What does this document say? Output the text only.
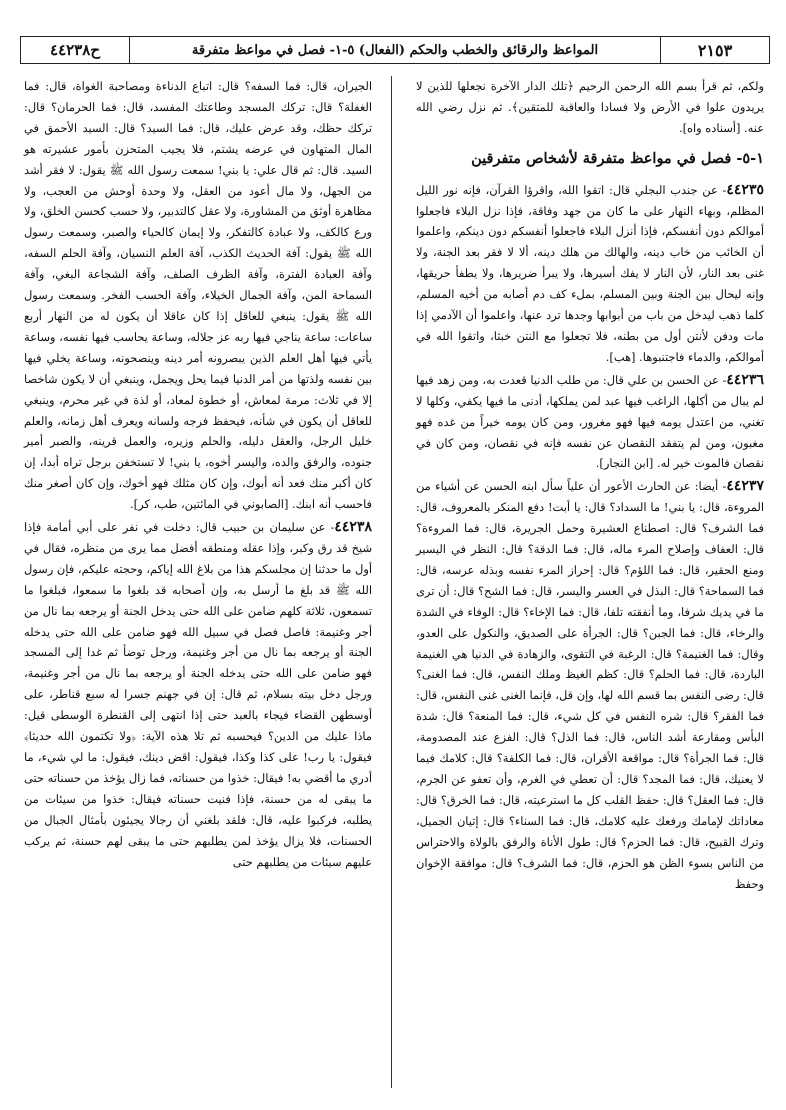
٢١٥٣
المواعظ والرقائق والخطب والحكم (الفعال) ٥-١- فصل في مواعظ متفرقة
ح٤٤٢٣٨

ولكم، ثم قرأ بسم الله الرحمن الرحيم ﴿تلك الدار الآخرة نجعلها للذين لا يريدون علوا في الأرض ولا فسادا والعاقبة للمتقين﴾. ثم نزل رضي الله عنه. [أسناده واه].

١-٥- فصل في مواعظ متفرقة لأشخاص متفرقين

٤٤٢٣٥- عن جندب البجلي قال: اتقوا الله، واقرؤا القرآن، فإنه نور الليل المظلم، وبهاء النهار على ما كان من جهد وفاقة، فإذا نزل البلاء فاجعلوا أموالكم دون أنفسكم، فإذا أنزل البلاء فاجعلوا أنفسكم دون دينكم، واعلموا أن الخائب من خاب دينه، والهالك من هلك دينه، ألا لا فقر بعد الجنة، ولا غنى بعد النار، لأن النار لا يفك أسيرها، ولا يبرأ ضريرها، ولا يطفأ حريقها، وإنه ليحال بين الجنة وبين المسلم، بملء كف دم أصابه من أخيه المسلم، كلما ذهب ليدخل من باب من أبوابها وجدها ترد عنها، واعلموا أن الآدمي إذا مات ودفن لأنتن أول من بطنه، فلا تجعلوا مع النتن خبثا، واتقوا الله في أموالكم، والدماء فاجتنبوها. [هب].

٤٤٢٣٦- عن الحسن بن علي قال: من طلب الدنيا قعدت به، ومن زهد فيها لم يبال من أكلها، الراغب فيها عبد لمن يملكها، أدنى ما فيها يكفي، وكلها لا تغني، من اعتدل يومه فيها فهو مغرور، ومن كان يومه خيراً من غده فهو مغبون، ومن لم يتفقد النقصان عن نفسه فإنه في نقصان، ومن كان في نقصان فالموت خير له. [ابن النجار].

٤٤٢٣٧- أيضا: عن الحارث الأعور أن علياً سأل ابنه الحسن عن أشياء من المروءة، قال: يا بني! ما السداد؟ قال: يا أبت! دفع المنكر بالمعروف، قال: فما الشرف؟ قال: اصطناع العشيرة وحمل الجريرة، قال: فما المروءة؟ قال: العفاف وإصلاح المرء ماله، قال: فما الدقة؟ قال: النظر في اليسير ومنع الحقير، قال: فما اللؤم؟ قال: إحراز المرء نفسه وبذله عرسه، قال: فما السماحة؟ قال: البذل في العسر واليسر، قال: فما الشح؟ قال: أن ترى ما في يديك شرفا، وما أنفقته تلفا، قال: فما الإخاء؟ قال: الوفاء في الشدة والرخاء، قال: فما الجبن؟ قال: الجرأة على الصديق، والنكول على العدو، وقال: فما الغنيمة؟ قال: الرغبة في التقوى، والزهادة في الدنيا هي الغنيمة الباردة، قال: فما الحلم؟ قال: كظم الغيظ وملك النفس، قال: فما الغنى؟ قال: رضى النفس بما قسم الله لها، وإن قل، فإنما الغنى غنى النفس، قال: فما الفقر؟ قال: شره النفس في كل شيء، قال: فما المنعة؟ قال: شدة البأس ومقارعة أشد الناس، قال: فما الذل؟ قال: الفزع عند المصدومة، قال: فما الجرأة؟ قال: مواقعة الأقران، قال: فما الكلفة؟ قال: كلامك فيما لا يعنيك، قال: فما المجد؟ قال: أن تعطي في الغرم، وأن تعفو عن الجرم، قال: فما العقل؟ قال: حفظ القلب كل ما استرعيته، قال: فما الخرق؟ قال: معاداتك لإمامك ورفعك عليه كلامك، قال: فما السناء؟ قال: إتيان الجميل، وترك القبيح، قال: فما الحزم؟ قال: طول الأناة والرفق بالولاة والاحتراس من الناس بسوء الظن هو الحزم، قال: فما الشرف؟ قال: موافقة الإخوان وحفظ

الجيران، قال: فما السفه؟ قال: اتباع الدناءة ومصاحبة الغواة، قال: فما الغفلة؟ قال: تركك المسجد وطاعتك المفسد، قال: فما الحرمان؟ قال: تركك حظك، وقد عرض عليك، قال: فما السيد؟ قال: السيد الأحمق في المال المتهاون في عرضه يشتم، فلا يجيب المتحزن بأمور عشيرته هو السيد. قال: ثم قال علي: يا بني! سمعت رسول الله ﷺ يقول: لا فقر أشد من الجهل، ولا مال أعود من العقل، ولا وحدة أوحش من العجب، ولا مظاهرة أوثق من المشاورة، ولا عقل كالتدبير، ولا حسب كحسن الخلق، ولا ورع كالكف، ولا عبادة كالتفكر، ولا إيمان كالحياء والصبر، وسمعت رسول الله ﷺ يقول: آفة الحديث الكذب، آفة العلم النسيان، وآفة الحلم السفه، وآفة العبادة الفترة، وآفة الظرف الصلف، وآفة الشجاعة البغي، وآفة السماحة المن، وآفة الجمال الخيلاء، وآفة الحسب الفخر. وسمعت رسول الله ﷺ يقول: ينبغي للعاقل إذا كان عاقلا أن يكون له من النهار أربع ساعات: ساعة يناجي فيها ربه عز جلاله، وساعة يحاسب فيها نفسه، وساعة يأتي فيها أهل العلم الذين يبصرونه أمر دينه وينصحونه، وساعة يخلي فيها بين نفسه ولذتها من أمر الدنيا فيما يحل ويجمل، وينبغي أن لا يكون شاخصا إلا في ثلاث: مرمة لمعاش، أو خطوة لمعاد، أو لذة في غير محرم، وينبغي للعاقل أن يكون في شأنه، فيحفظ فرجه ولسانه ويعرف أهل زمانه، والعلم خليل الرجل، والعقل دليله، والحلم وزيره، والعمل قرينه، والصبر أمير جنوده، والرفق والده، واليسر أخوه، يا بني! لا تستخفن برجل تراه أبدا، إن كان أكبر منك فعد أنه أبوك، وإن كان مثلك فهو أخوك، وإن كان أصغر منك فاحسب أنه ابنك. [الصابوني في المائتين، طب، كر].

٤٤٢٣٨- عن سليمان بن حبيب قال: دخلت في نفر على أبي أمامة فإذا شيخ قد رق وكبر، وإذا عقله ومنطقه أفضل مما يرى من منظره، فقال في أول ما حدثنا إن مجلسكم هذا من بلاغ الله إياكم، وحجته عليكم، فإن رسول الله ﷺ قد بلغ ما أرسل به، وإن أصحابه قد بلغوا ما سمعوا، فبلغوا ما تسمعون، ثلاثة كلهم ضامن على الله حتى يدخل الجنة أو يرجعه بما نال من أجر وغنيمة: فاصل فصل في سبيل الله فهو ضامن على الله حتى يدخله الجنة أو يرجعه بما نال من أجر وغنيمة، ورجل توضأ ثم غدا إلى المسجد فهو ضامن على الله حتى يدخله الجنة أو يرجعه بما نال من أجر وغنيمة، ورجل دخل بيته بسلام، ثم قال: إن في جهنم جسرا له سبع قناطر، على أوسطهن القضاء فيجاء بالعبد حتى إذا انتهى إلى القنطرة الوسطى قيل: ماذا عليك من الدين؟ فيحسبه ثم تلا هذه الآية: ﴿ولا تكتمون الله حديثا﴾ فيقول: يا رب! على كذا وكذا، فيقول: اقض دينك، فيقول: ما لي شيء، ما أدري ما أقضي به! فيقال: خذوا من حسناته، فما زال يؤخذ من حسناته حتى ما يبقى له من حسنة، فإذا فنيت حسناته فيقال: خذوا من سيئات من يطلبه، فركبوا عليه، قال: فلقد بلغني أن رجالا يجيئون بأمثال الجبال من الحسنات، فلا يزال يؤخذ لمن يطلبهم حتى ما يبقى لهم حسنة، ثم يركب عليهم سيئات من يطلبهم حتى
